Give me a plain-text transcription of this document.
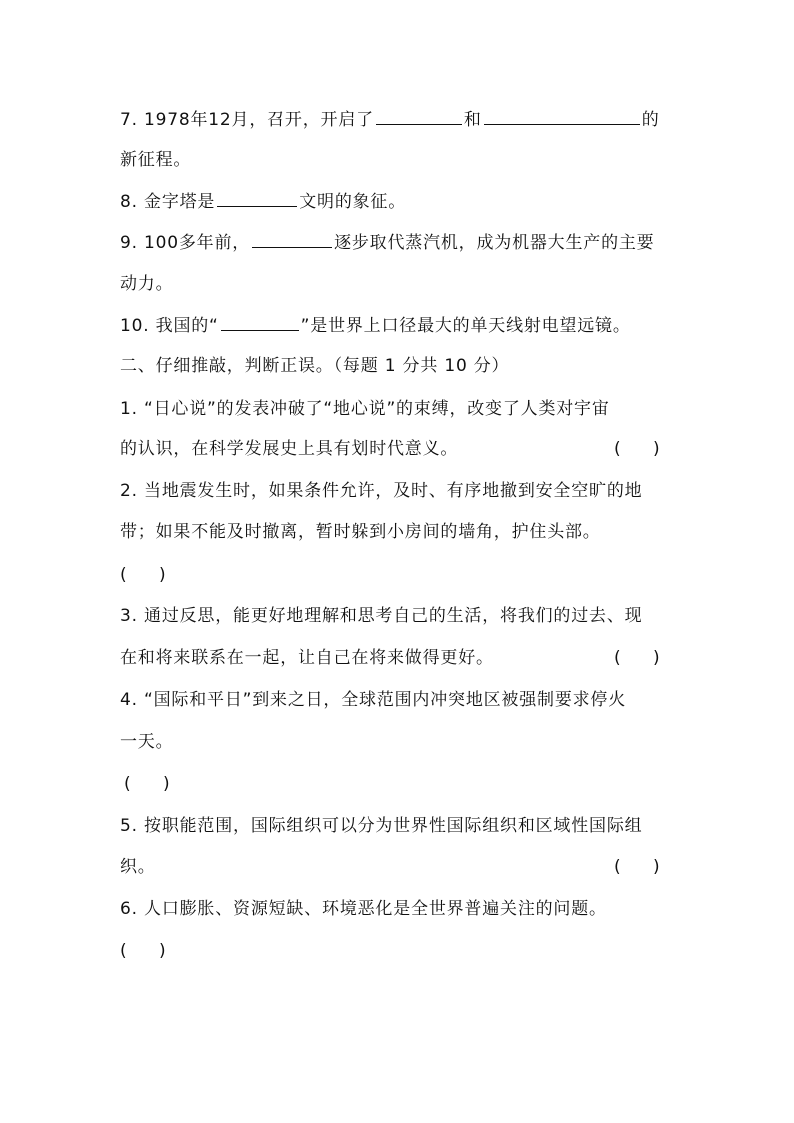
7. 1978年12月，召开，开启了	和	的
新征程。
8. 金字塔是	文明的象征。
9. 100多年前，	逐步取代蒸汽机，成为机器大生产的主要
动力。
10. 我国的“	”是世界上口径最大的单天线射电望远镜。
二、仔细推敲，判断正误。（每题 1 分共 10 分）
1. “日心说”的发表冲破了“地心说”的束缚，改变了人类对宇宙
的认识，在科学发展史上具有划时代意义。	(      )
2. 当地震发生时，如果条件允许，及时、有序地撤到安全空旷的地
带；如果不能及时撤离，暂时躲到小房间的墙角，护住头部。
(      )
3. 通过反思，能更好地理解和思考自己的生活，将我们的过去、现
在和将来联系在一起，让自己在将来做得更好。	(      )
4. “国际和平日”到来之日，全球范围内冲突地区被强制要求停火
一天。
(      )
5. 按职能范围，国际组织可以分为世界性国际组织和区域性国际组
织。	(      )
6. 人口膨胀、资源短缺、环境恶化是全世界普遍关注的问题。
(      )
